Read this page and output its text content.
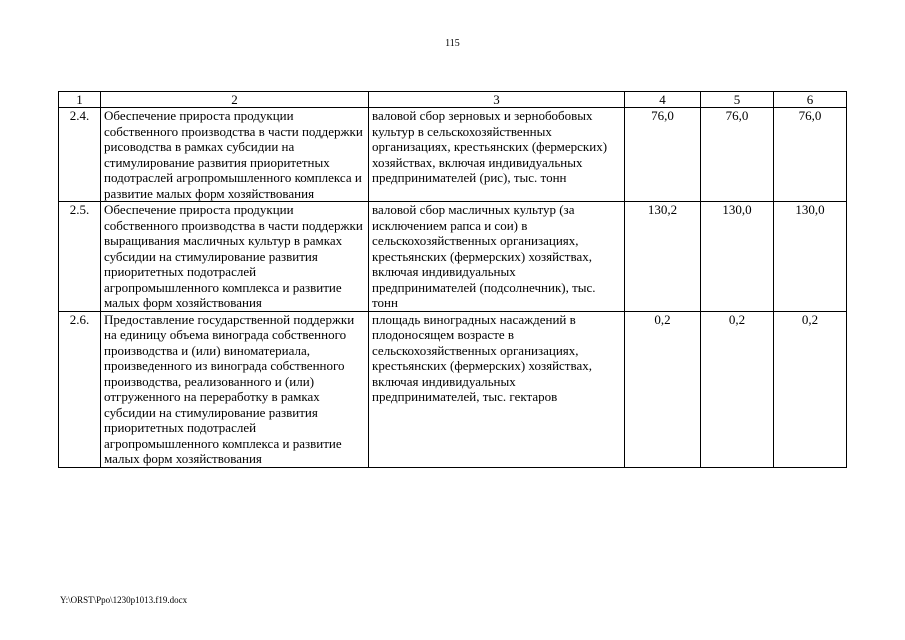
115
1	2	3	4	5	6
2.4.	Обеспечение прироста продукции собственного производства в части поддержки рисоводства в рамках субсидии на стимулирование развития приоритетных подотраслей агропромышленного комплекса и развитие малых форм хозяйствования	валовой сбор зерновых и зернобобовых культур в сельскохозяйственных организациях, крестьянских (фермерских) хозяйствах, включая индивидуальных предпринимателей (рис), тыс. тонн	76,0	76,0	76,0
2.5.	Обеспечение прироста продукции собственного производства в части поддержки выращивания масличных культур в рамках субсидии на стимулирование развития приоритетных подотраслей агропромышленного комплекса и развитие малых форм хозяйствования	валовой сбор масличных культур (за исключением рапса и сои) в сельскохозяйственных организациях, крестьянских (фермерских) хозяйствах, включая индивидуальных предпринимателей (подсолнечник), тыс. тонн	130,2	130,0	130,0
2.6.	Предоставление государственной поддержки на единицу объема винограда собственного производства и (или) виноматериала, произведенного из винограда собственного производства, реализованного и (или) отгруженного на переработку в рамках субсидии на стимулирование развития приоритетных подотраслей агропромышленного комплекса и развитие малых форм хозяйствования	площадь виноградных насаждений в плодоносящем возрасте в сельскохозяйственных организациях, крестьянских (фермерских) хозяйствах, включая индивидуальных предпринимателей, тыс. гектаров	0,2	0,2	0,2
Y:\ORST\Ppo\1230p1013.f19.docx
